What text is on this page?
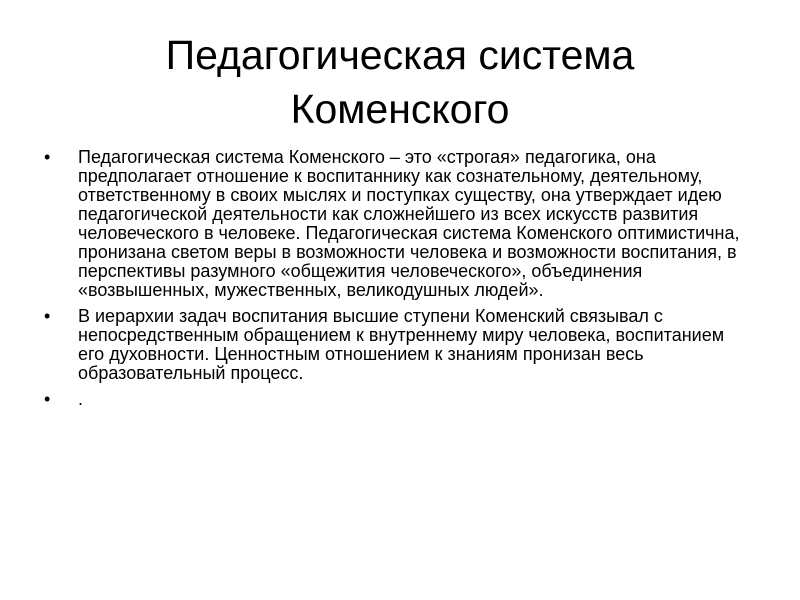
Педагогическая система
Коменского
• Педагогическая система Коменского – это «строгая» педагогика, она предполагает отношение к воспитаннику как сознательному, деятельному, ответственному в своих мыслях и поступках существу, она утверждает идею педагогической деятельности как сложнейшего из всех искусств развития человеческого в человеке. Педагогическая система Коменского оптимистична, пронизана светом веры в возможности человека и возможности воспитания, в перспективы разумного «общежития человеческого», объединения «возвышенных, мужественных, великодушных людей».
• В иерархии задач воспитания высшие ступени Коменский связывал с непосредственным обращением к внутреннему миру человека, воспитанием его духовности. Ценностным отношением к знаниям пронизан весь образовательный процесс.
• .
